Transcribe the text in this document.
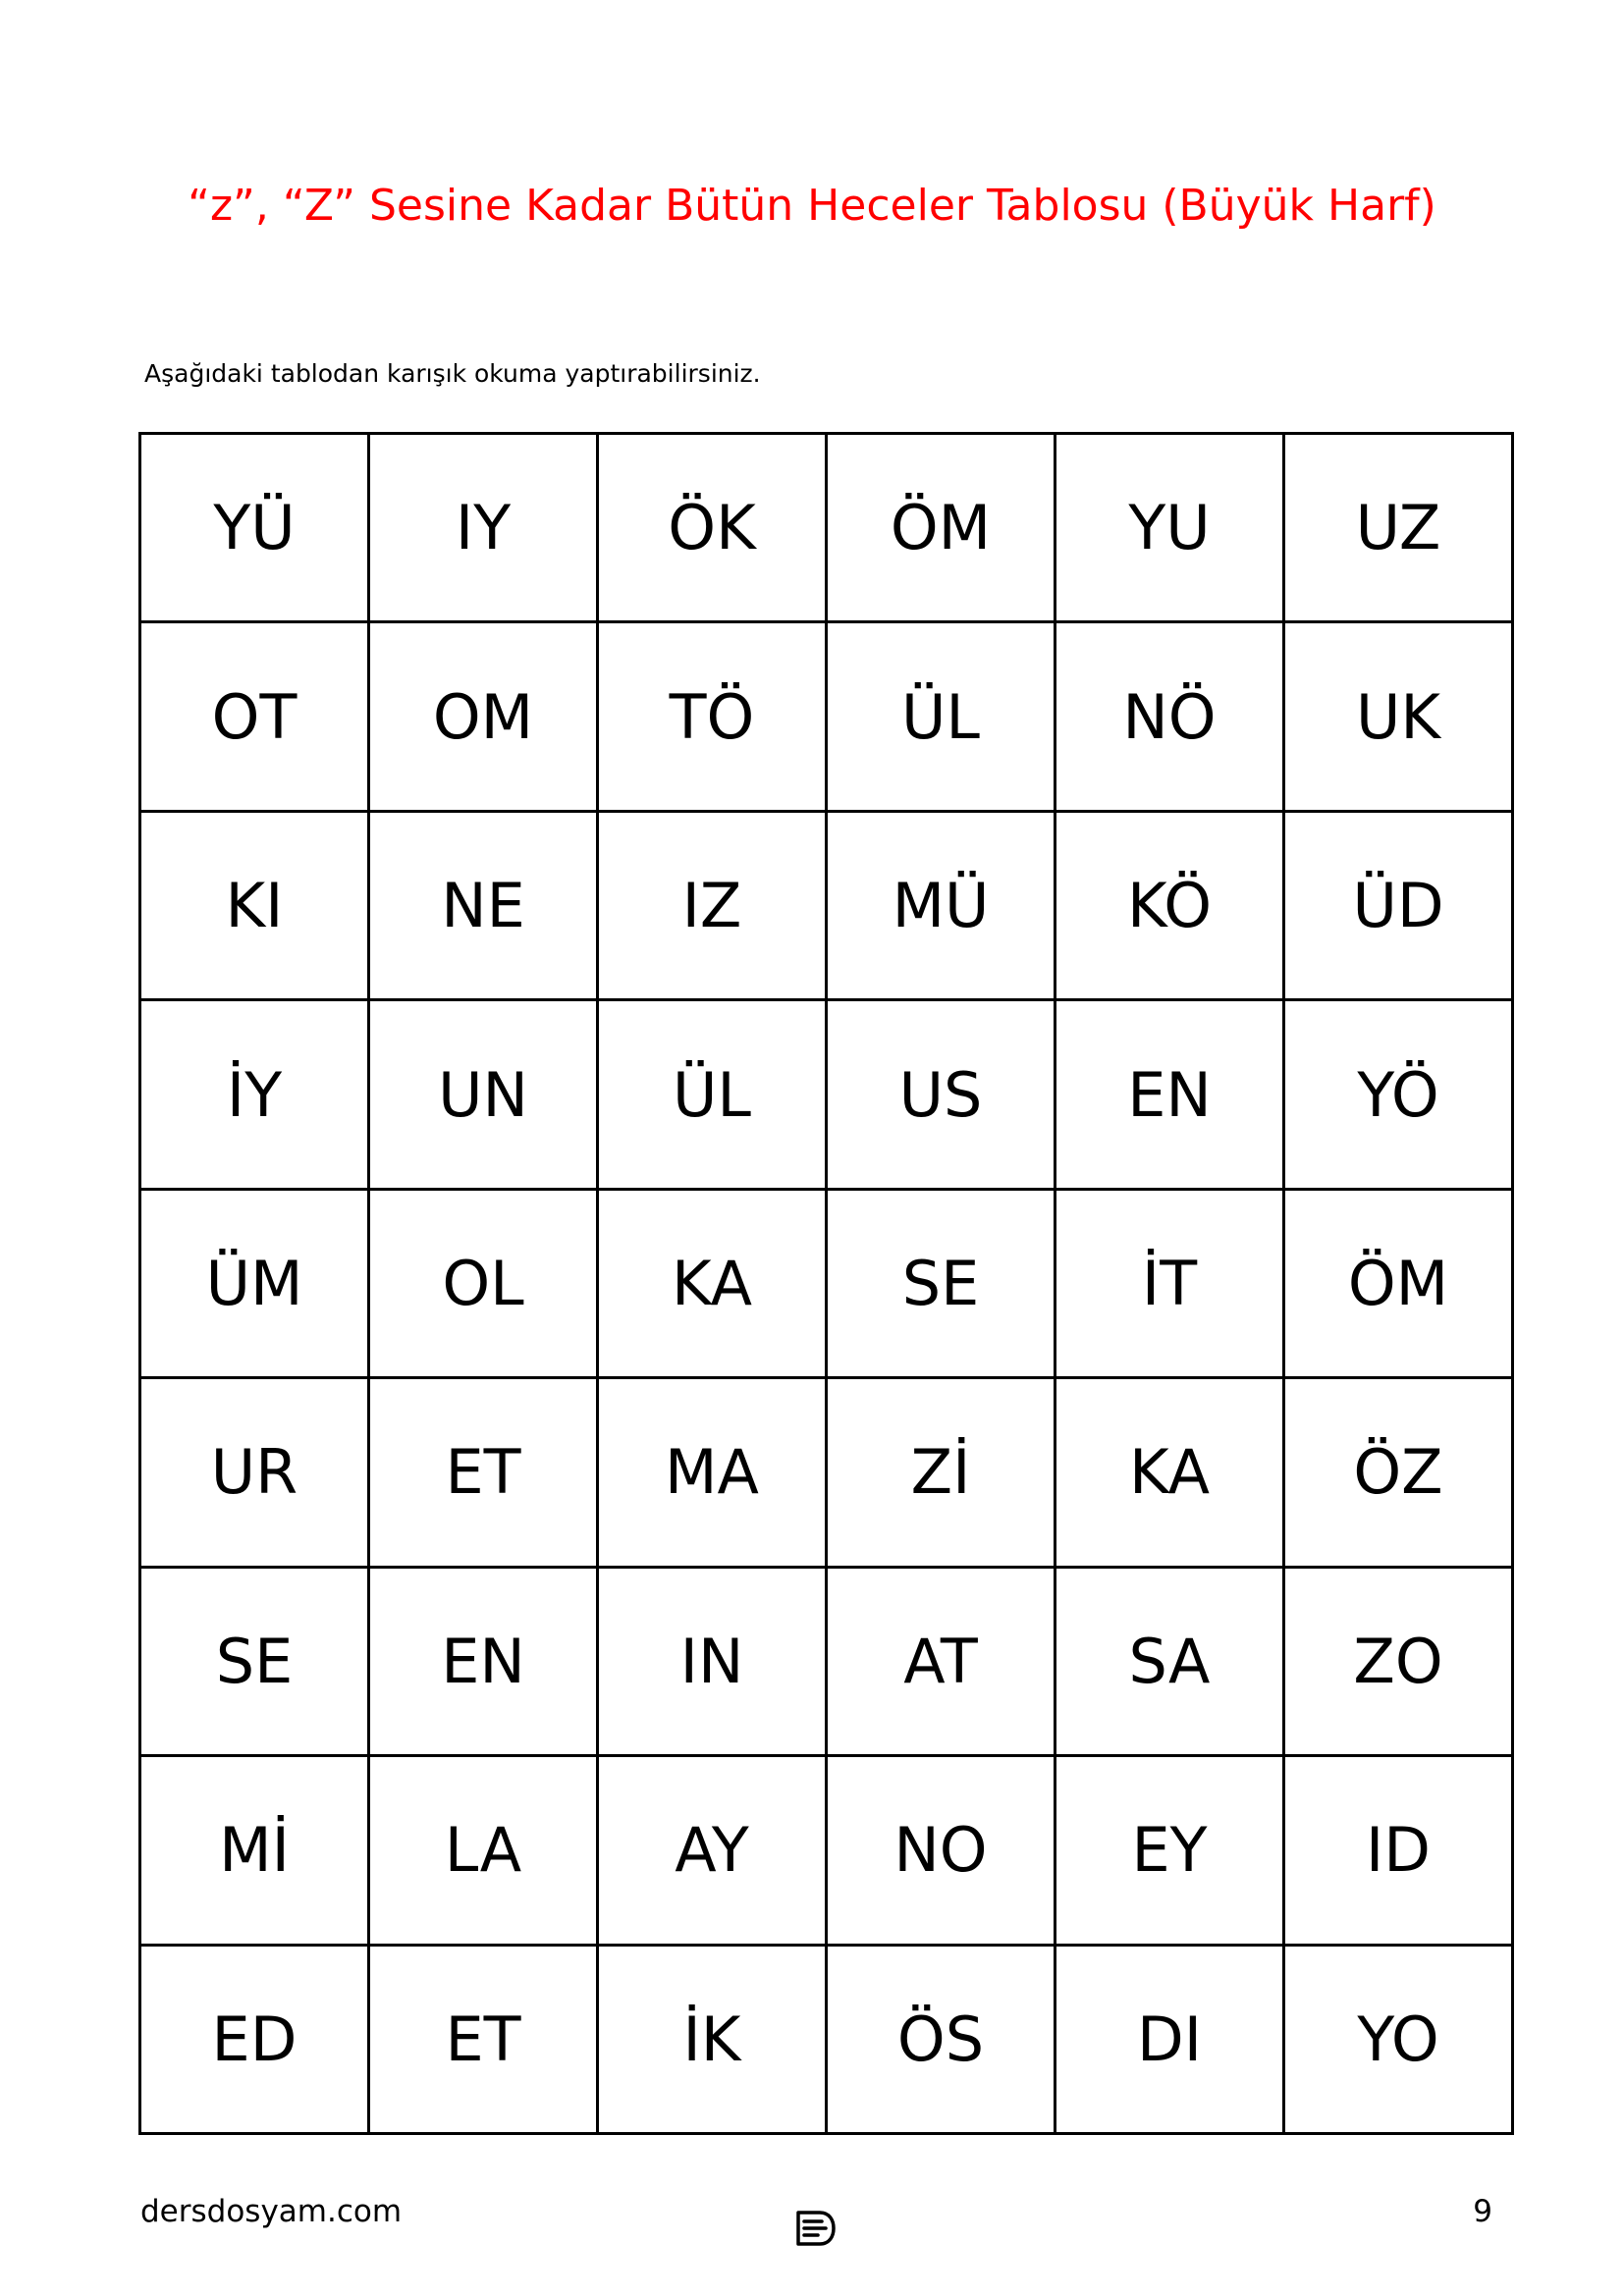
“z”, “Z” Sesine Kadar Bütün Heceler Tablosu (Büyük Harf)
Aşağıdaki tablodan karışık okuma yaptırabilirsiniz.
YÜ	IY	ÖK	ÖM	YU	UZ
OT	OM	TÖ	ÜL	NÖ	UK
KI	NE	IZ	MÜ	KÖ	ÜD
İY	UN	ÜL	US	EN	YÖ
ÜM	OL	KA	SE	İT	ÖM
UR	ET	MA	Zİ	KA	ÖZ
SE	EN	IN	AT	SA	ZO
Mİ	LA	AY	NO	EY	ID
ED	ET	İK	ÖS	DI	YO
dersdosyam.com	9
